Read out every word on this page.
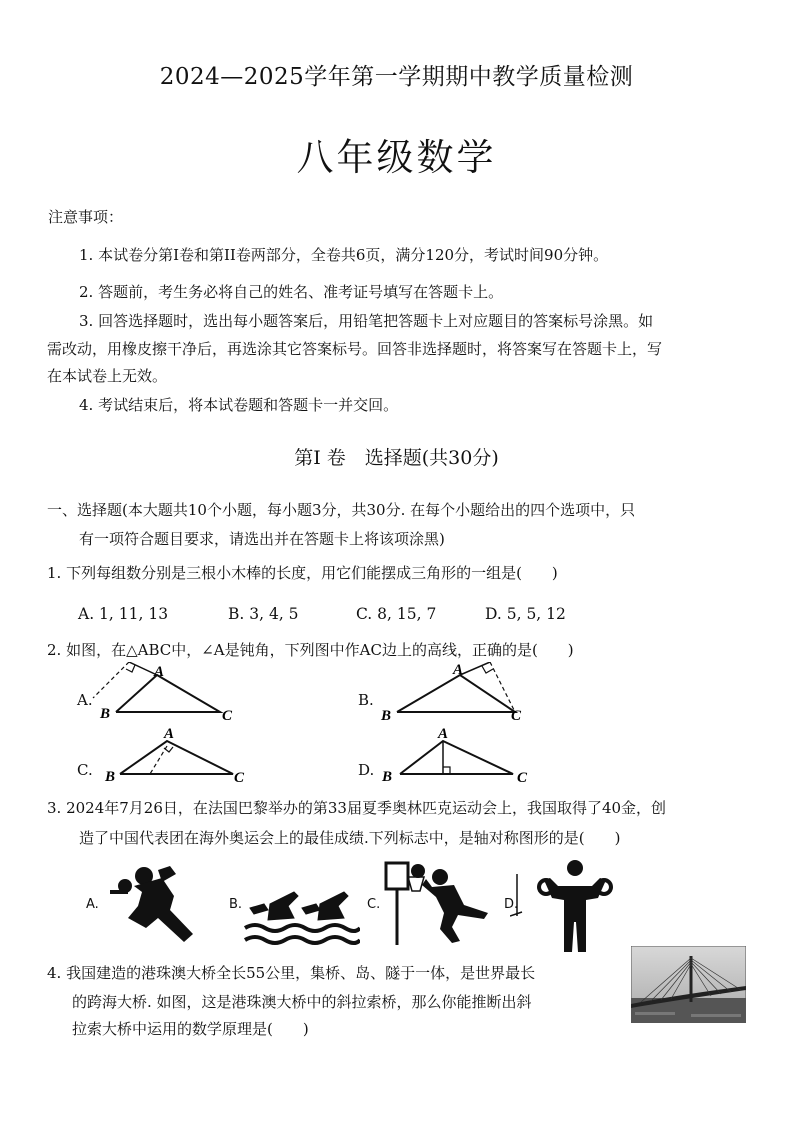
2024—2025学年第一学期期中教学质量检测
八年级数学
注意事项：
1. 本试卷分第I卷和第II卷两部分，全卷共6页，满分120分，考试时间90分钟。
2. 答题前，考生务必将自己的姓名、准考证号填写在答题卡上。
3. 回答选择题时，选出每小题答案后，用铅笔把答题卡上对应题目的答案标号涂黑。如
需改动，用橡皮擦干净后，再选涂其它答案标号。回答非选择题时，将答案写在答题卡上，写
在本试卷上无效。
4. 考试结束后，将本试卷题和答题卡一并交回。
第Ⅰ 卷　选择题(共30分)
一、选择题(本大题共10个小题，每小题3分，共30分. 在每个小题给出的四个选项中，只
有一项符合题目要求，请选出并在答题卡上将该项涂黑)
1. 下列每组数分别是三根小木棒的长度，用它们能摆成三角形的一组是(　　)
A. 1, 11, 13	B. 3, 4, 5	C. 8, 15, 7	D. 5, 5, 12
2. 如图，在△ABC中，∠A是钝角，下列图中作AC边上的高线，正确的是(　　)
A.
B
A
C
B.
B
A
C
C. B
A
C	D. B
A
C
3. 2024年7月26日，在法国巴黎举办的第33届夏季奥林匹克运动会上，我国取得了40金，创
造了中国代表团在海外奥运会上的最佳成绩.下列标志中，是轴对称图形的是(　　)
A.	B.	C.	D.
4. 我国建造的港珠澳大桥全长55公里，集桥、岛、隧于一体，是世界最长
的跨海大桥. 如图，这是港珠澳大桥中的斜拉索桥，那么你能推断出斜
拉索大桥中运用的数学原理是(　　)
